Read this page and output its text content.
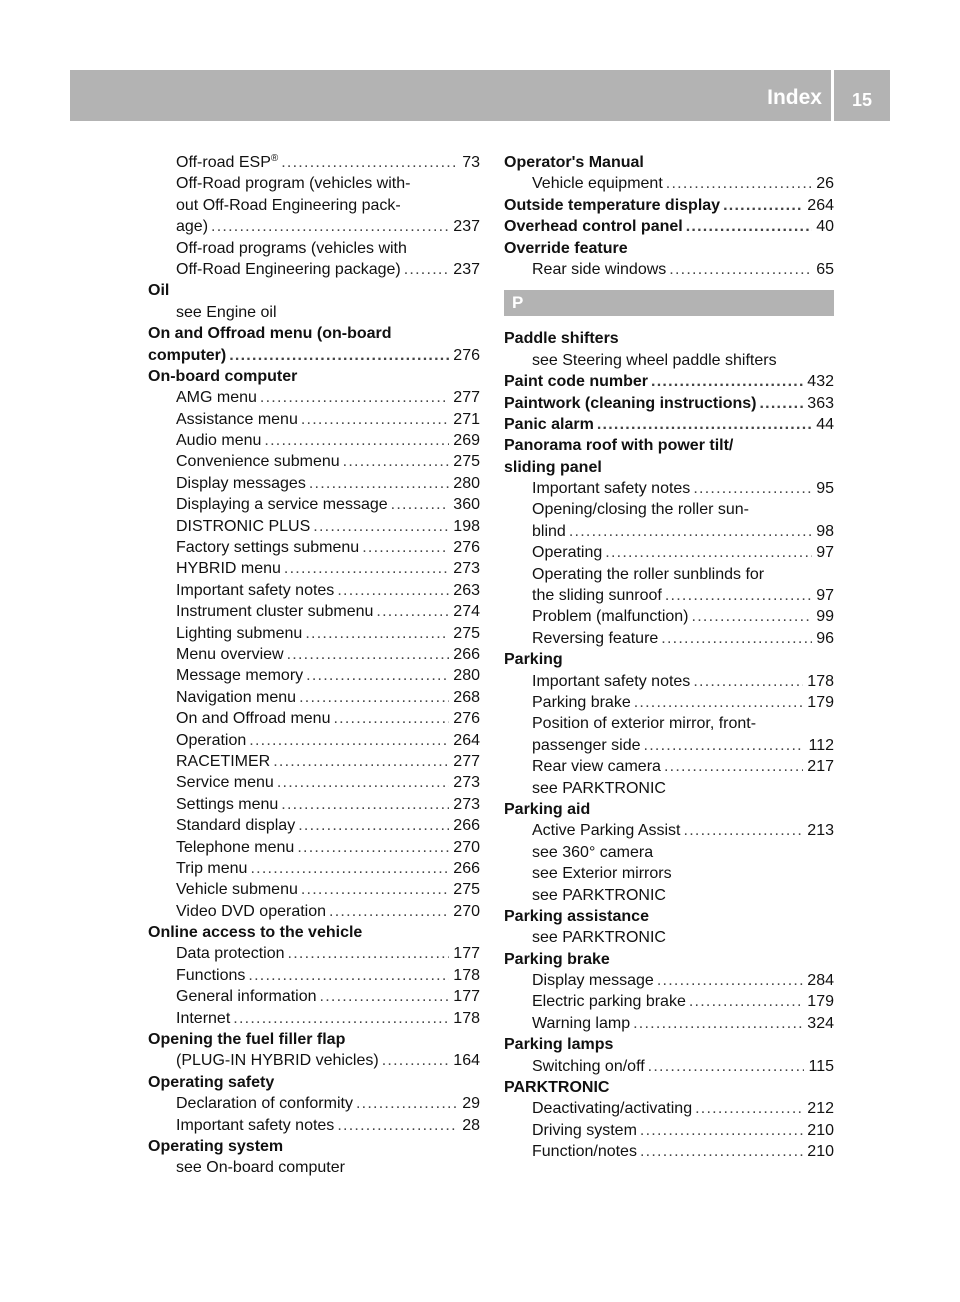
Index	15
Off-road ESP® . . .	73
Off-Road program (vehicles with-
out Off-Road Engineering pack-
age) . . .	237
Off-road programs (vehicles with
Off-Road Engineering package) . . .	237
Oil
see Engine oil
On and Offroad menu (on-board
computer) . . .	276
On-board computer
AMG menu . . .	277
Assistance menu . . .	271
Audio menu . . .	269
Convenience submenu . . .	275
Display messages . . .	280
Displaying a service message . . .	360
DISTRONIC PLUS . . .	198
Factory settings submenu . . .	276
HYBRID menu . . .	273
Important safety notes . . .	263
Instrument cluster submenu . . .	274
Lighting submenu . . .	275
Menu overview . . .	266
Message memory . . .	280
Navigation menu . . .	268
On and Offroad menu . . .	276
Operation . . .	264
RACETIMER . . .	277
Service menu . . .	273
Settings menu . . .	273
Standard display . . .	266
Telephone menu . . .	270
Trip menu . . .	266
Vehicle submenu . . .	275
Video DVD operation . . .	270
Online access to the vehicle
Data protection . . .	177
Functions . . .	178
General information . . .	177
Internet . . .	178
Opening the fuel filler flap
(PLUG-IN HYBRID vehicles) . . .	164
Operating safety
Declaration of conformity . . .	29
Important safety notes . . .	28
Operating system
see On-board computer
Operator's Manual
Vehicle equipment . . .	26
Outside temperature display . . .	264
Overhead control panel . . .	40
Override feature
Rear side windows . . .	65
P
Paddle shifters
see Steering wheel paddle shifters
Paint code number . . .	432
Paintwork (cleaning instructions) . . .	363
Panic alarm . . .	44
Panorama roof with power tilt/
sliding panel
Important safety notes . . .	95
Opening/closing the roller sun-
blind . . .	98
Operating . . .	97
Operating the roller sunblinds for
the sliding sunroof . . .	97
Problem (malfunction) . . .	99
Reversing feature . . .	96
Parking
Important safety notes . . .	178
Parking brake . . .	179
Position of exterior mirror, front-
passenger side . . .	112
Rear view camera . . .	217
see PARKTRONIC
Parking aid
Active Parking Assist . . .	213
see 360° camera
see Exterior mirrors
see PARKTRONIC
Parking assistance
see PARKTRONIC
Parking brake
Display message . . .	284
Electric parking brake . . .	179
Warning lamp . . .	324
Parking lamps
Switching on/off . . .	115
PARKTRONIC
Deactivating/activating . . .	212
Driving system . . .	210
Function/notes . . .	210
